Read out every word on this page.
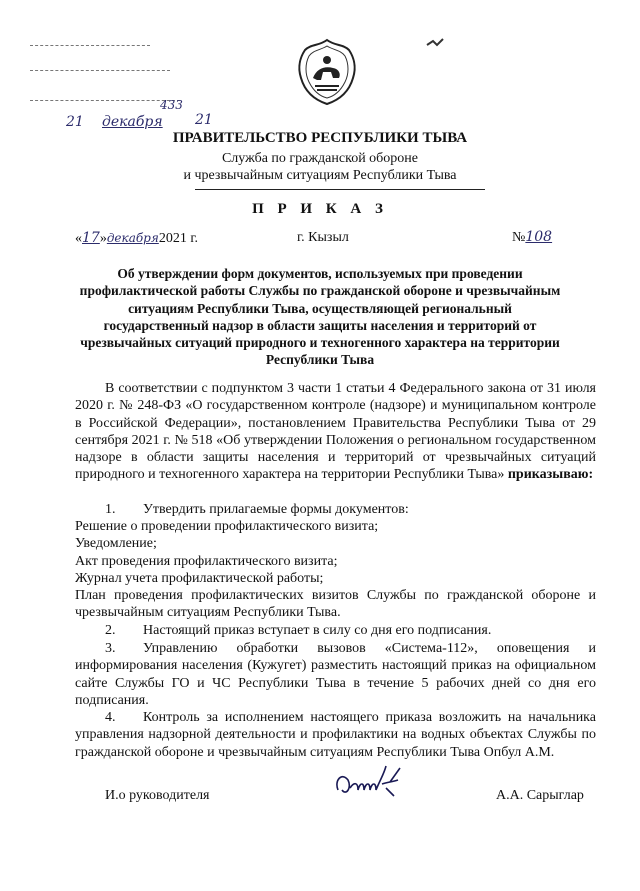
433
21 декабря 21
ПРАВИТЕЛЬСТВО РЕСПУБЛИКИ ТЫВА
Служба по гражданской обороне
и чрезвычайным ситуациям Республики Тыва
П Р И К А З
«17»декабря2021 г.	г. Кызыл	№108
Об утверждении форм документов, используемых при проведении
профилактической работы Службы по гражданской обороне и чрезвычайным
ситуациям Республики Тыва, осуществляющей региональный
государственный надзор в области защиты населения и территорий от
чрезвычайных ситуаций природного и техногенного характера на территории
Республики Тыва
В соответствии с подпунктом 3 части 1 статьи 4 Федерального закона от 31 июля 2020 г. № 248-ФЗ «О государственном контроле (надзоре) и муниципальном контроле в Российской Федерации», постановлением Правительства Республики Тыва от 29 сентября 2021 г. № 518 «Об утверждении Положения о региональном государственном надзоре в области защиты населения и территорий от чрезвычайных ситуаций природного и техногенного характера на территории Республики Тыва» приказываю:
1. Утвердить прилагаемые формы документов:
Решение о проведении профилактического визита;
Уведомление;
Акт проведения профилактического визита;
Журнал учета профилактической работы;
План проведения профилактических визитов Службы по гражданской обороне и чрезвычайным ситуациям Республики Тыва.
2. Настоящий приказ вступает в силу со дня его подписания.
3. Управлению обработки вызовов «Система-112», оповещения и информирования населения (Кужугет) разместить настоящий приказ на официальном сайте Службы ГО и ЧС Республики Тыва в течение 5 рабочих дней со дня его подписания.
4. Контроль за исполнением настоящего приказа возложить на начальника управления надзорной деятельности и профилактики на водных объектах Службы по гражданской обороне и чрезвычайным ситуациям Республики Тыва Опбул А.М.
И.о руководителя	А.А. Сарыглар
